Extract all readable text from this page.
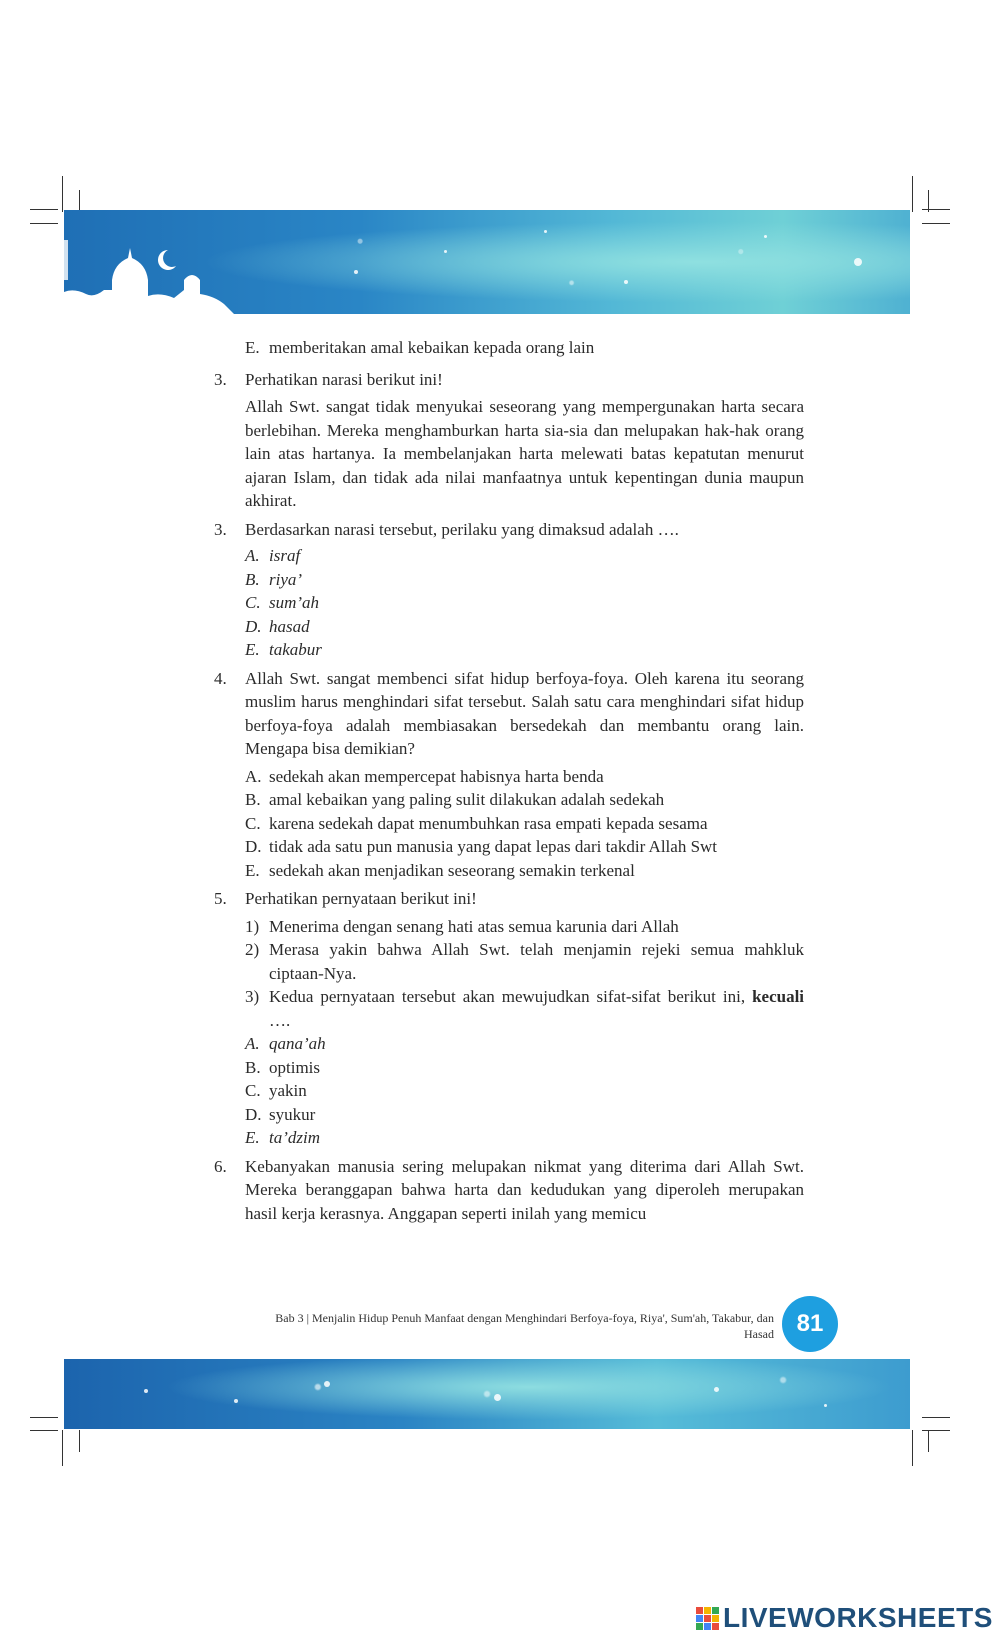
E. memberitakan amal kebaikan kepada orang lain
3. Perhatikan narasi berikut ini!
Allah Swt. sangat tidak menyukai seseorang yang mempergunakan harta secara berlebihan. Mereka menghamburkan harta sia-sia dan melupakan hak-hak orang lain atas hartanya. Ia membelanjakan harta melewati batas kepatutan menurut ajaran Islam, dan tidak ada nilai manfaatnya untuk kepentingan dunia maupun akhirat.
3. Berdasarkan narasi tersebut, perilaku yang dimaksud adalah ….
A. israf
B. riya’
C. sum’ah
D. hasad
E. takabur
4. Allah Swt. sangat membenci sifat hidup berfoya-foya. Oleh karena itu seorang muslim harus menghindari sifat tersebut. Salah satu cara menghindari sifat hidup berfoya-foya adalah membiasakan bersedekah dan membantu orang lain. Mengapa bisa demikian?
A. sedekah akan mempercepat habisnya harta benda
B. amal kebaikan yang paling sulit dilakukan adalah sedekah
C. karena sedekah dapat menumbuhkan rasa empati kepada sesama
D. tidak ada satu pun manusia yang dapat lepas dari takdir Allah Swt
E. sedekah akan menjadikan seseorang semakin terkenal
5. Perhatikan pernyataan berikut ini!
1) Menerima dengan senang hati atas semua karunia dari Allah
2) Merasa yakin bahwa Allah Swt. telah menjamin rejeki semua mahkluk ciptaan-Nya.
3) Kedua pernyataan tersebut akan mewujudkan sifat-sifat berikut ini, kecuali ….
A. qana’ah
B. optimis
C. yakin
D. syukur
E. ta’dzim
6. Kebanyakan manusia sering melupakan nikmat yang diterima dari Allah Swt. Mereka beranggapan bahwa harta dan kedudukan yang diperoleh merupakan hasil kerja kerasnya. Anggapan seperti inilah yang memicu
Bab 3 | Menjalin Hidup Penuh Manfaat dengan Menghindari Berfoya-foya, Riya', Sum'ah, Takabur, dan
Hasad 81
LIVEWORKSHEETS
